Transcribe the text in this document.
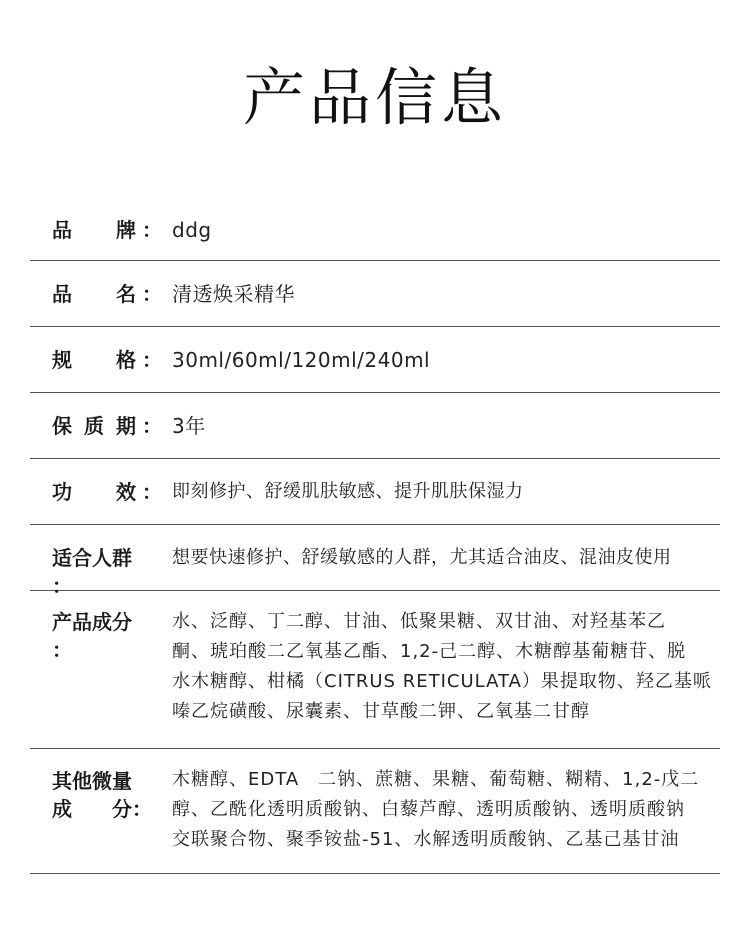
产品信息
品 牌 ： ddg
品 名 ： 清透焕采精华
规 格 ： 30ml/60ml/120ml/240ml
保 质 期 ： 3年
功 效 ： 即刻修护、舒缓肌肤敏感、提升肌肤保湿力
适合人群 ：
想要快速修护、舒缓敏感的人群，尤其适合油皮、混油皮使用
产品成分 ：
水、泛醇、丁二醇、甘油、低聚果糖、双甘油、对羟基苯乙
酮、琥珀酸二乙氧基乙酯、1,2-己二醇、木糖醇基葡糖苷、脱
水木糖醇、柑橘（CITRUS RETICULATA）果提取物、羟乙基哌
嗪乙烷磺酸、尿囊素、甘草酸二钾、乙氧基二甘醇
其他微量
成 分：
木糖醇、EDTA　二钠、蔗糖、果糖、葡萄糖、糊精、1,2-戊二
醇、乙酰化透明质酸钠、白藜芦醇、透明质酸钠、透明质酸钠
交联聚合物、聚季铵盐-51、水解透明质酸钠、乙基己基甘油
